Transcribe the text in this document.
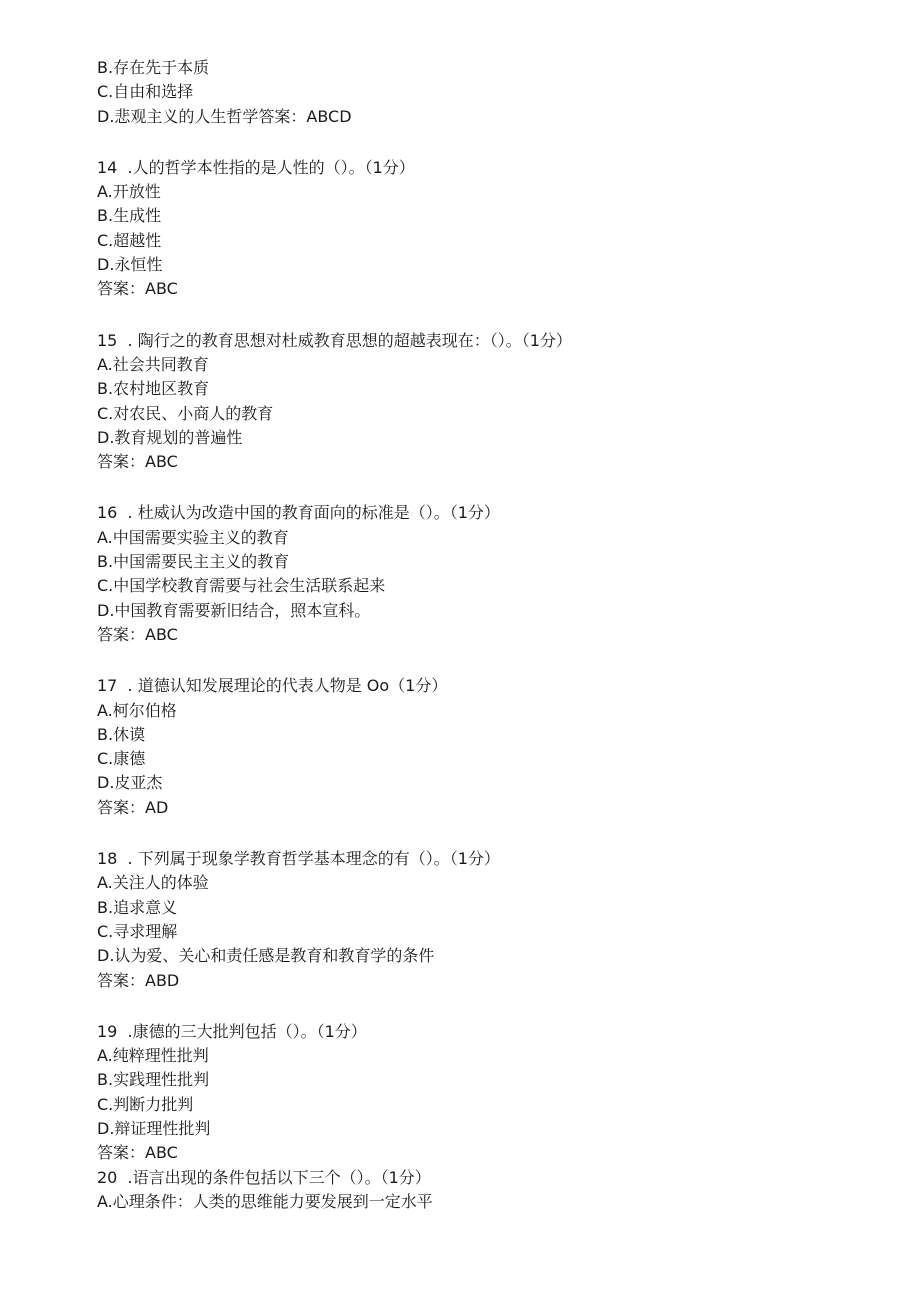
B.存在先于本质
C.自由和选择
D.悲观主义的人生哲学答案：ABCD
14  .人的哲学本性指的是人性的（）。（1分）
A.开放性
B.生成性
C.超越性
D.永恒性
答案：ABC
15  . 陶行之的教育思想对杜威教育思想的超越表现在：（）。（1分）
A.社会共同教育
B.农村地区教育
C.对农民、小商人的教育
D.教育规划的普遍性
答案：ABC
16  . 杜威认为改造中国的教育面向的标准是（）。（1分）
A.中国需要实验主义的教育
B.中国需要民主主义的教育
C.中国学校教育需要与社会生活联系起来
D.中国教育需要新旧结合，照本宣科。
答案：ABC
17  . 道德认知发展理论的代表人物是 Oo（1分）
A.柯尔伯格
B.休谟
C.康德
D.皮亚杰
答案：AD
18  . 下列属于现象学教育哲学基本理念的有（）。（1分）
A.关注人的体验
B.追求意义
C.寻求理解
D.认为爱、关心和责任感是教育和教育学的条件
答案：ABD
19  .康德的三大批判包括（）。（1分）
A.纯粹理性批判
B.实践理性批判
C.判断力批判
D.辩证理性批判
答案：ABC
20  .语言出现的条件包括以下三个（）。（1分）
A.心理条件：人类的思维能力要发展到一定水平
